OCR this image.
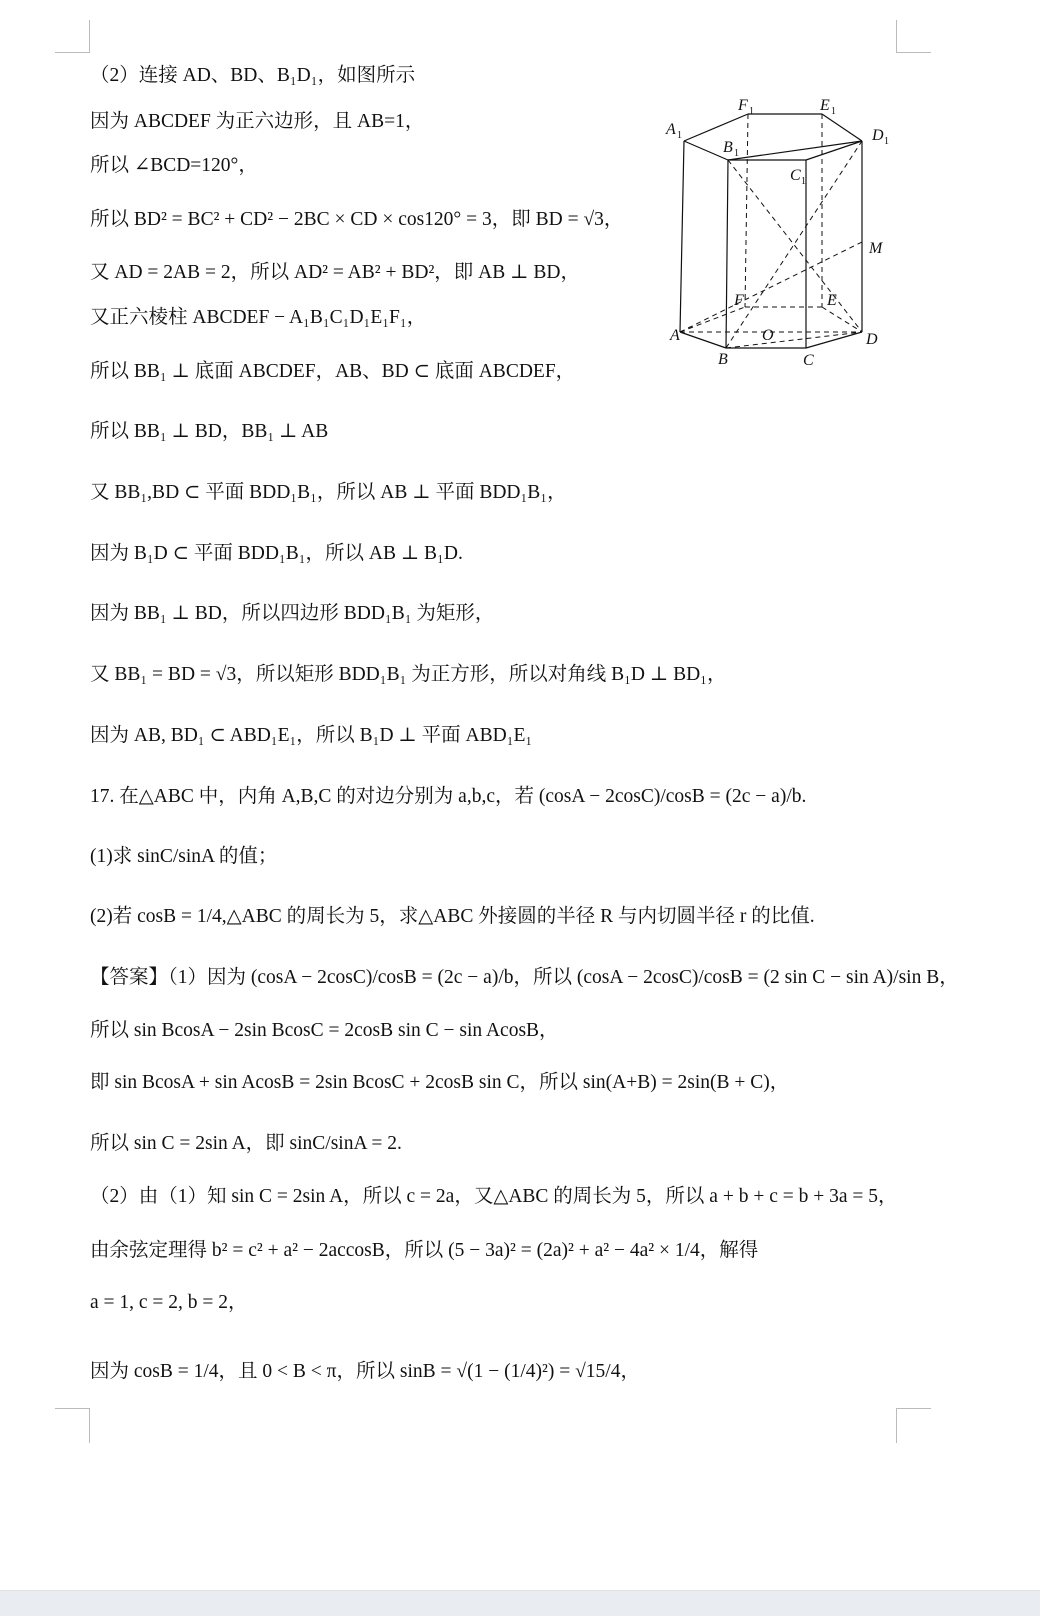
（2）连接 AD、BD、B₁D₁，如图所示
因为 ABCDEF 为正六边形，且 AB=1，
所以 ∠BCD=120°，
所以 BD² = BC² + CD² − 2BC × CD × cos120° = 3，即 BD = √3，
又 AD = 2AB = 2，所以 AD² = AB² + BD²，即 AB ⊥ BD，
又正六棱柱 ABCDEF − A₁B₁C₁D₁E₁F₁，
所以 BB₁ ⊥ 底面 ABCDEF，AB、BD ⊂ 底面 ABCDEF，
所以 BB₁ ⊥ BD，BB₁ ⊥ AB
又 BB₁,BD ⊂ 平面 BDD₁B₁，所以 AB ⊥ 平面 BDD₁B₁，
因为 B₁D ⊂ 平面 BDD₁B₁，所以 AB ⊥ B₁D.
因为 BB₁ ⊥ BD，所以四边形 BDD₁B₁ 为矩形，
又 BB₁ = BD = √3，所以矩形 BDD₁B₁ 为正方形，所以对角线 B₁D ⊥ BD₁，
因为 AB, BD₁ ⊂ ABD₁E₁，所以 B₁D ⊥ 平面 ABD₁E₁
17. 在△ABC 中，内角 A,B,C 的对边分别为 a,b,c，若 (cosA − 2cosC)/cosB = (2c − a)/b.
(1)求 sinC/sinA 的值；
(2)若 cosB = 1/4,△ABC 的周长为 5，求△ABC 外接圆的半径 R 与内切圆半径 r 的比值.
【答案】（1）因为 (cosA − 2cosC)/cosB = (2c − a)/b，所以 (cosA − 2cosC)/cosB = (2 sin C − sin A)/sin B，
所以 sin BcosA − 2sin BcosC = 2cosB sin C − sin AcosB，
即 sin BcosA + sin AcosB = 2sin BcosC + 2cosB sin C，所以 sin(A+B) = 2sin(B + C)，
所以 sin C = 2sin A，即 sinC/sinA = 2.
（2）由（1）知 sin C = 2sin A，所以 c = 2a，又△ABC 的周长为 5，所以 a + b + c = b + 3a = 5，
由余弦定理得 b² = c² + a² − 2accosB，所以 (5 − 3a)² = (2a)² + a² − 4a² × 1/4，解得
a = 1, c = 2, b = 2，
因为 cosB = 1/4，且 0 < B < π，所以 sinB = √(1 − (1/4)²) = √15/4，
A 1
F 1	E 1
D 1
B 1
C 1
M
F	E
O
A
B	C
D
